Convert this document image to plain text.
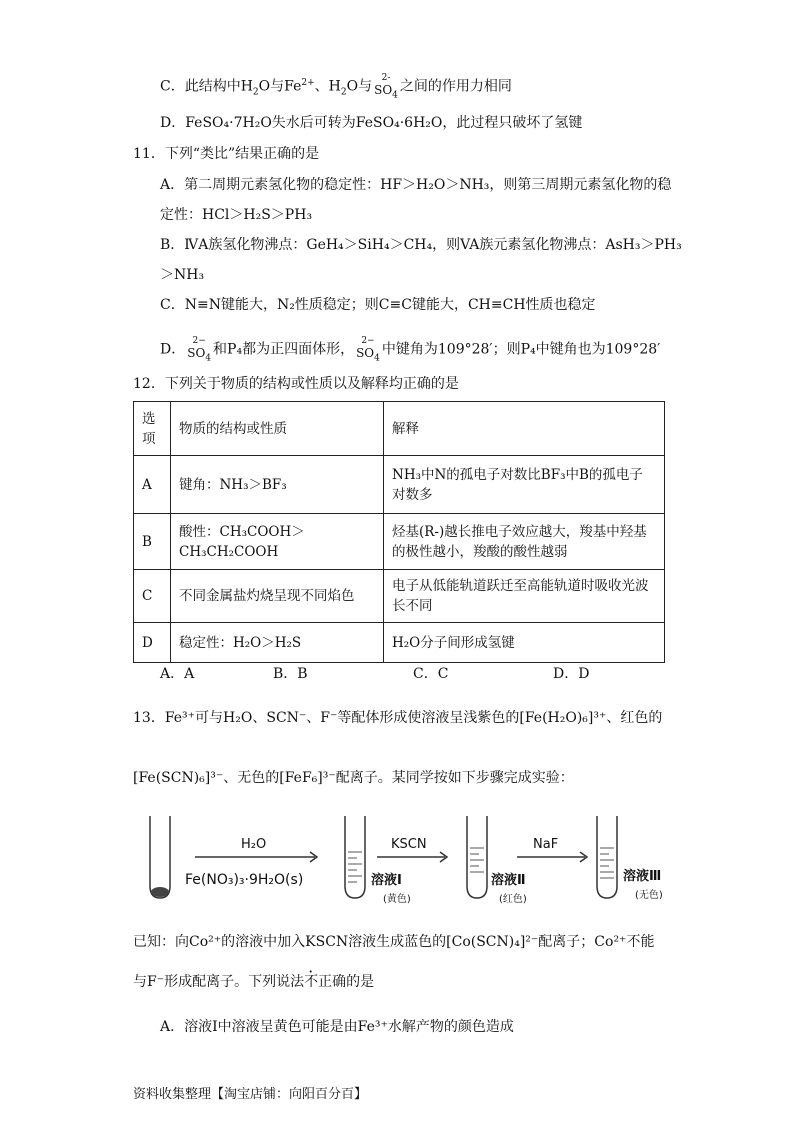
C．此结构中$H_2O$与$Fe^{2+}$、$H_2O$与
2-
$SO_4$之间的作用力相同
D．FeSO₄·7H₂O失水后可转为FeSO₄·6H₂O，此过程只破坏了氢键
11．下列“类比”结果正确的是
A．第二周期元素氢化物的稳定性：HF＞H₂O＞NH₃，则第三周期元素氢化物的稳
定性：HCl＞H₂S＞PH₃
B．ⅣA族氢化物沸点：GeH₄＞SiH₄＞CH₄，则VA族元素氢化物沸点：AsH₃＞PH₃
＞NH₃
C．N≡N键能大，N₂性质稳定；则C≡C键能大，CH≡CH性质也稳定
D．
2−
$SO_4$和P₄都为正四面体形，
2−
$SO_4$中键角为109°28′；则P₄中键角也为109°28′
12．下列关于物质的结构或性质以及解释均正确的是
选项	物质的结构或性质	解释
A	键角：NH₃＞BF₃	NH₃中N的孤电子对数比BF₃中B的孤电子对数多
B	酸性：CH₃COOH＞CH₃CH₂COOH	烃基(R-)越长推电子效应越大，羧基中羟基的极性越小，羧酸的酸性越弱
C	不同金属盐灼烧呈现不同焰色	电子从低能轨道跃迁至高能轨道时吸收光波长不同
D	稳定性：H₂O＞H₂S	H₂O分子间形成氢键
A．A	B．B	C．C	D．D
13．Fe³⁺可与H₂O、SCN⁻、F⁻等配体形成使溶液呈浅紫色的[Fe(H₂O)₆]³⁺、红色的
[Fe(SCN)₆]³⁻、无色的[FeF₆]³⁻配离子。某同学按如下步骤完成实验：
H₂O	KSCN	NaF
Fe(NO₃)₃·9H₂O(s)	溶液Ⅰ
(黄色)
溶液Ⅱ
(红色)
溶液Ⅲ
(无色)
已知：向Co²⁺的溶液中加入KSCN溶液生成蓝色的[Co(SCN)₄]²⁻配离子；Co²⁺不能
与F⁻形成配离子。下列说法不正确的是
A．溶液Ⅰ中溶液呈黄色可能是由Fe³⁺水解产物的颜色造成
资料收集整理【淘宝店铺：向阳百分百】
